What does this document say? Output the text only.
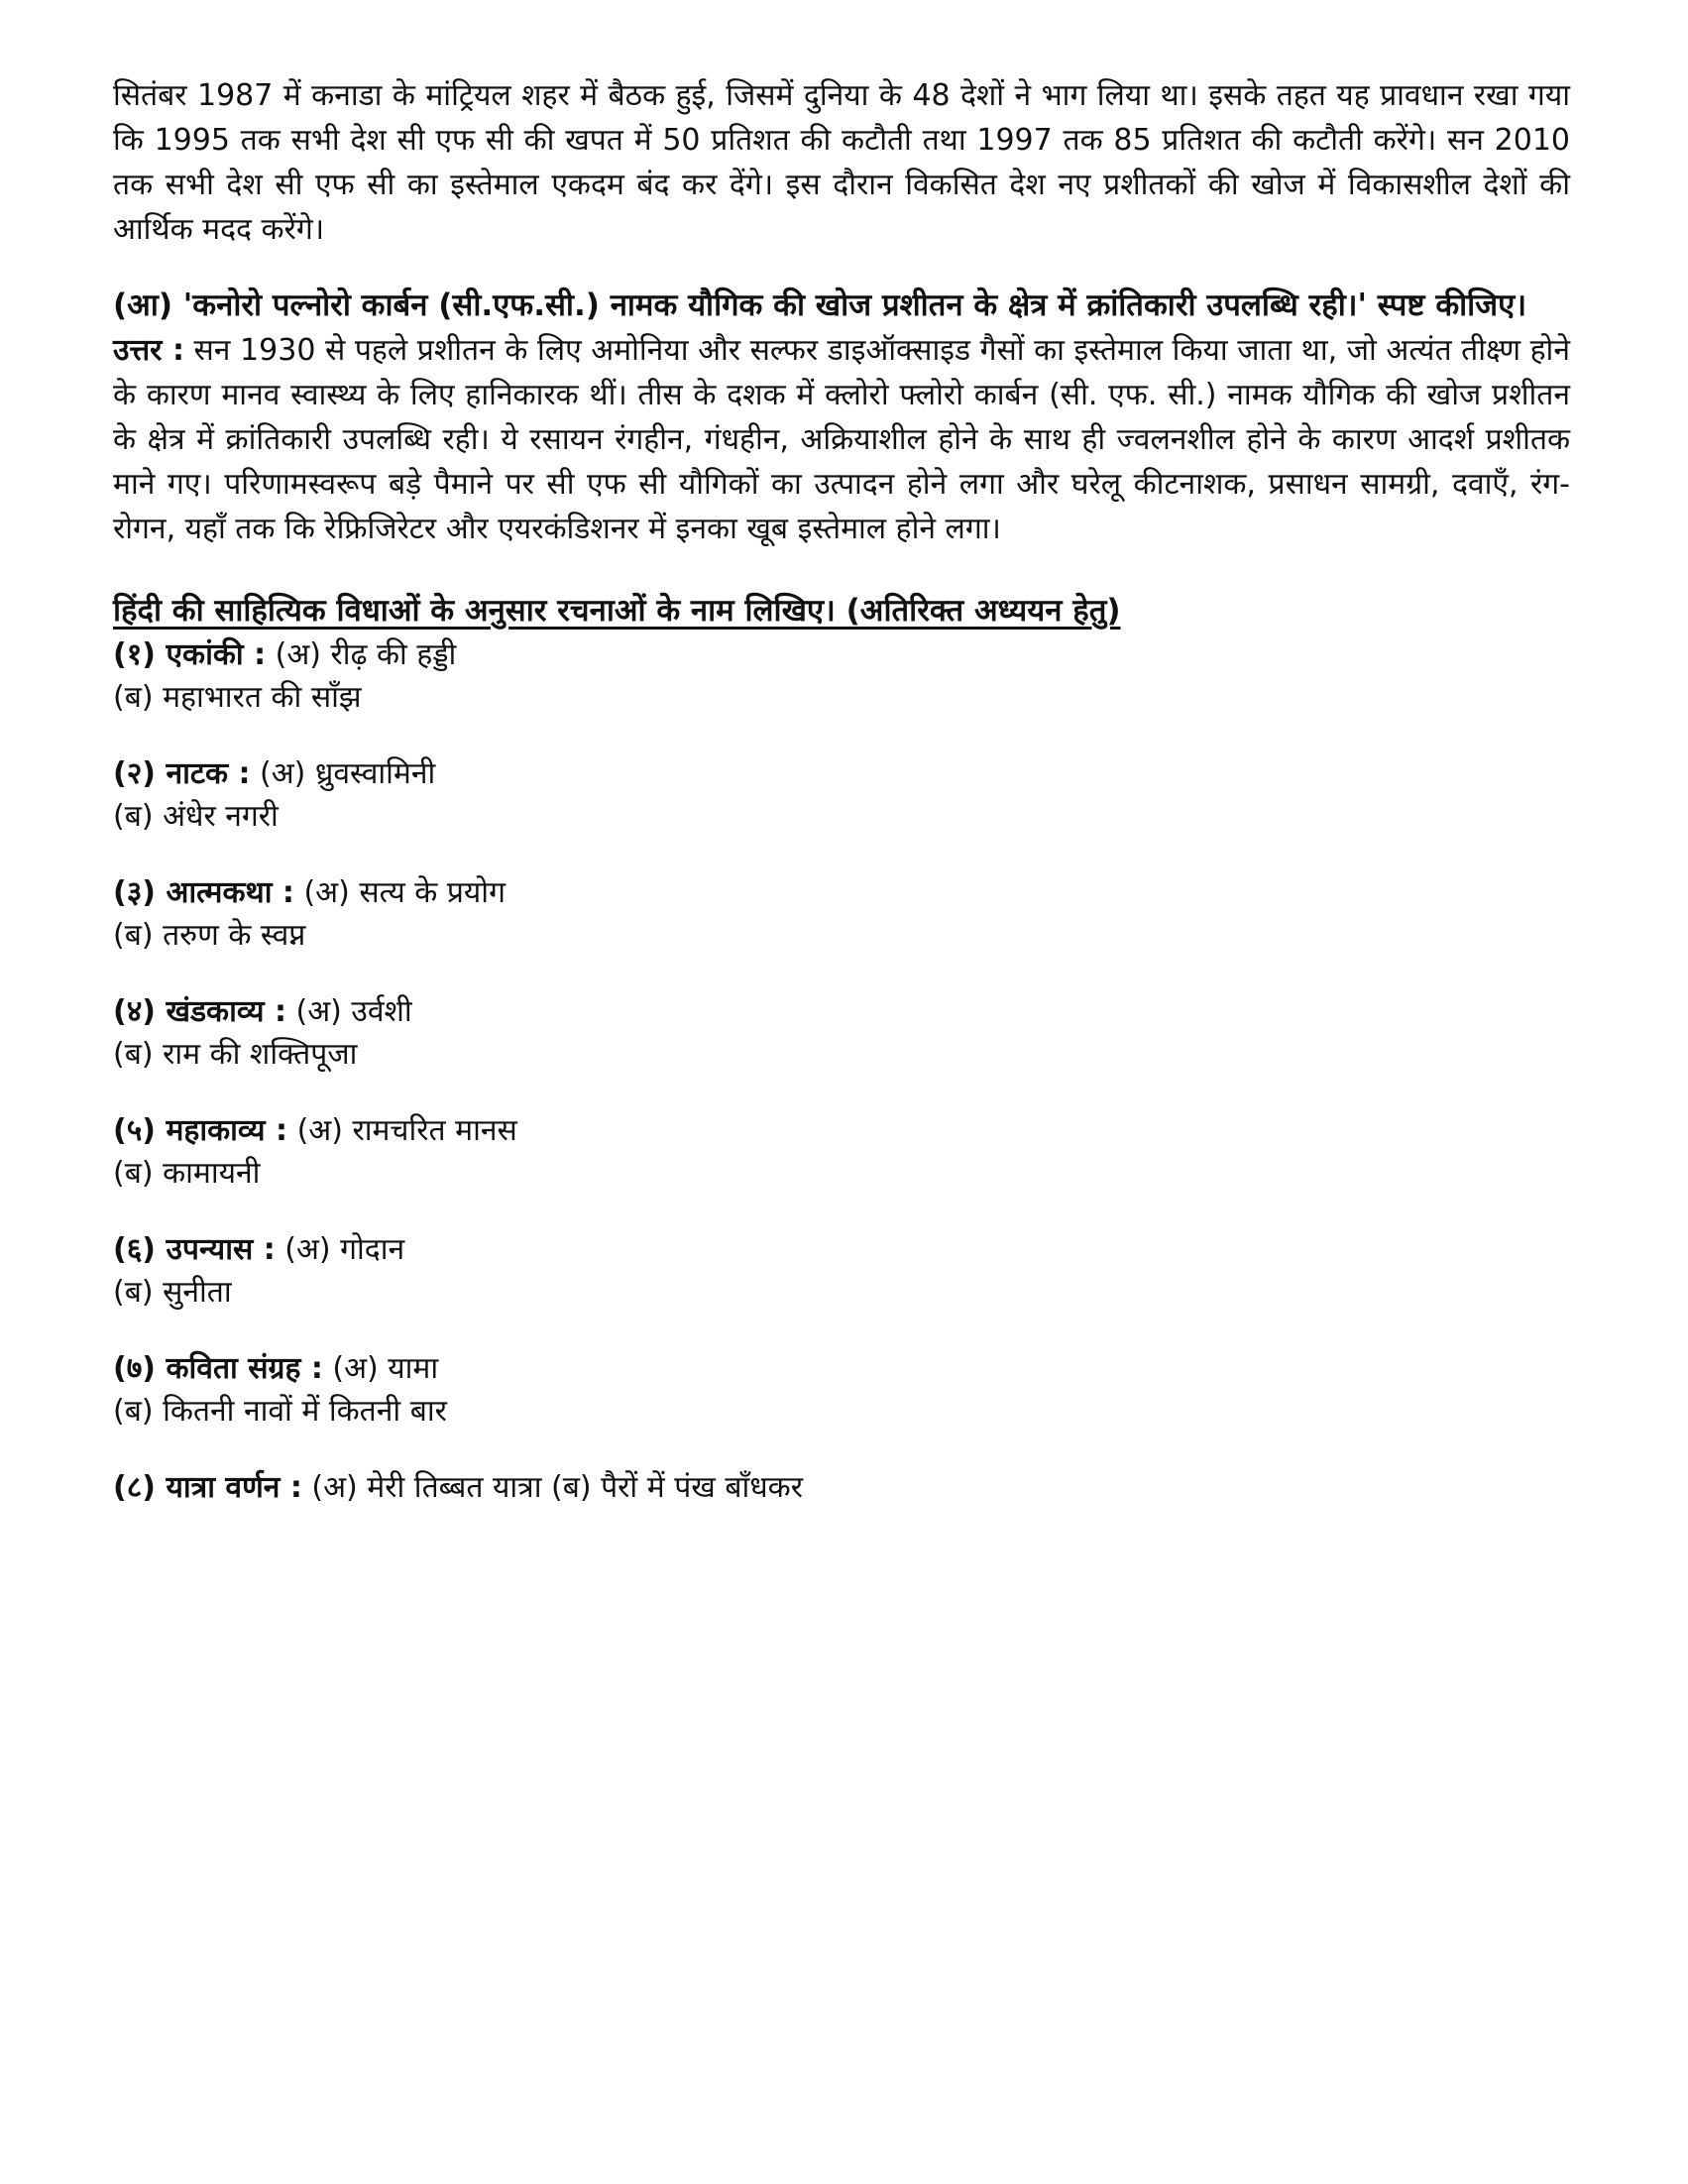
सितंबर 1987 में कनाडा के मांट्रियल शहर में बैठक हुई, जिसमें दुनिया के 48 देशों ने भाग लिया था। इसके तहत यह प्रावधान रखा गया कि 1995 तक सभी देश सी एफ सी की खपत में 50 प्रतिशत की कटौती तथा 1997 तक 85 प्रतिशत की कटौती करेंगे। सन 2010 तक सभी देश सी एफ सी का इस्तेमाल एकदम बंद कर देंगे। इस दौरान विकसित देश नए प्रशीतकों की खोज में विकासशील देशों की आर्थिक मदद करेंगे।

(आ) 'कनोरो पल्नोरो कार्बन (सी.एफ.सी.) नामक यौगिक की खोज प्रशीतन के क्षेत्र में क्रांतिकारी उपलब्धि रही।' स्पष्ट कीजिए।

उत्तर : सन 1930 से पहले प्रशीतन के लिए अमोनिया और सल्फर डाइऑक्साइड गैसों का इस्तेमाल किया जाता था, जो अत्यंत तीक्ष्ण होने के कारण मानव स्वास्थ्य के लिए हानिकारक थीं। तीस के दशक में क्लोरो फ्लोरो कार्बन (सी. एफ. सी.) नामक यौगिक की खोज प्रशीतन के क्षेत्र में क्रांतिकारी उपलब्धि रही। ये रसायन रंगहीन, गंधहीन, अक्रियाशील होने के साथ ही ज्वलनशील होने के कारण आदर्श प्रशीतक माने गए। परिणामस्वरूप बड़े पैमाने पर सी एफ सी यौगिकों का उत्पादन होने लगा और घरेलू कीटनाशक, प्रसाधन सामग्री, दवाएँ, रंग-रोगन, यहाँ तक कि रेफ्रिजिरेटर और एयरकंडिशनर में इनका खूब इस्तेमाल होने लगा।

हिंदी की साहित्यिक विधाओं के अनुसार रचनाओं के नाम लिखिए। (अतिरिक्त अध्ययन हेतु)

(१) एकांकी : (अ) रीढ़ की हड्डी
(ब) महाभारत की साँझ
(२) नाटक : (अ) ध्रुवस्वामिनी
(ब) अंधेर नगरी
(३) आत्मकथा : (अ) सत्य के प्रयोग
(ब) तरुण के स्वप्न
(४) खंडकाव्य : (अ) उर्वशी
(ब) राम की शक्तिपूजा
(५) महाकाव्य : (अ) रामचरित मानस
(ब) कामायनी
(६) उपन्यास : (अ) गोदान
(ब) सुनीता
(७) कविता संग्रह : (अ) यामा
(ब) कितनी नावों में कितनी बार
(८) यात्रा वर्णन : (अ) मेरी तिब्बत यात्रा (ब) पैरों में पंख बाँधकर
